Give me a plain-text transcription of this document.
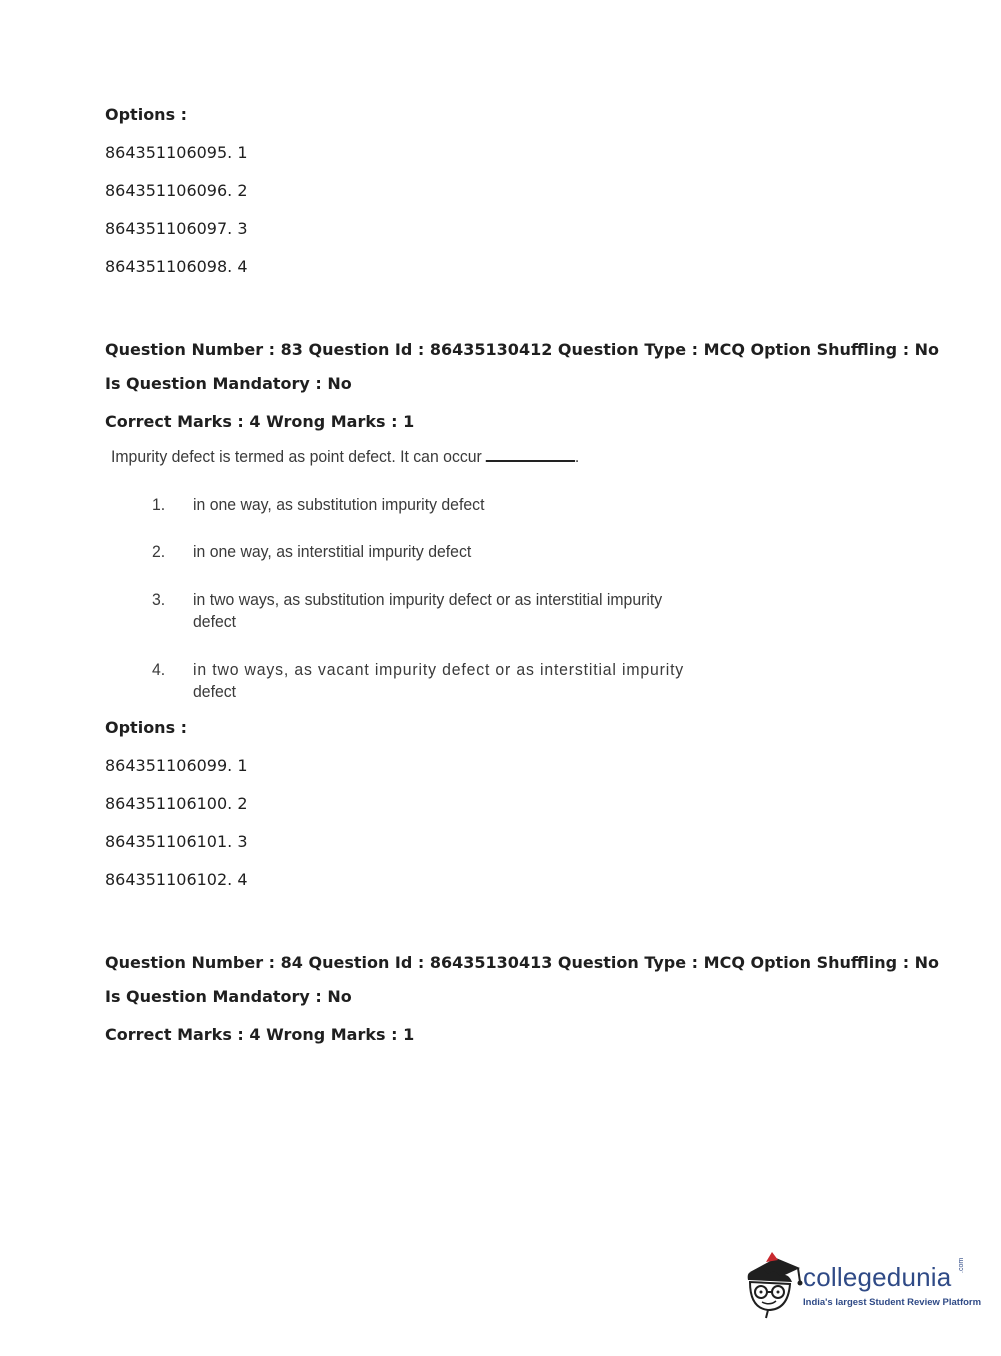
Options :
864351106095. 1
864351106096. 2
864351106097. 3
864351106098. 4
Question Number : 83 Question Id : 86435130412 Question Type : MCQ Option Shuffling : No
Is Question Mandatory : No
Correct Marks : 4 Wrong Marks : 1
Impurity defect is termed as point defect. It can occur	.
1. in one way, as substitution impurity defect
2. in one way, as interstitial impurity defect
3. in two ways, as substitution impurity defect or as interstitial impurity
defect
4. in two ways, as vacant impurity defect or as interstitial impurity
defect
Options :
864351106099. 1
864351106100. 2
864351106101. 3
864351106102. 4
Question Number : 84 Question Id : 86435130413 Question Type : MCQ Option Shuffling : No
Is Question Mandatory : No
Correct Marks : 4 Wrong Marks : 1
collegedunia .com
India's largest Student Review Platform
